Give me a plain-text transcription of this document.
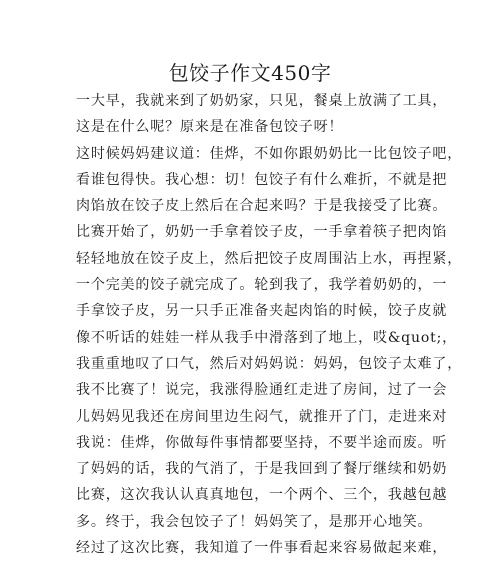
包饺子作文450字
一大早，我就来到了奶奶家，只见，餐桌上放满了工具，
这是在什么呢？原来是在准备包饺子呀！
这时候妈妈建议道：佳烨，不如你跟奶奶比一比包饺子吧，
看谁包得快。我心想：切！包饺子有什么难折，不就是把
肉馅放在饺子皮上然后在合起来吗？于是我接受了比赛。
比赛开始了，奶奶一手拿着饺子皮，一手拿着筷子把肉馅
轻轻地放在饺子皮上，然后把饺子皮周围沾上水，再捏紧，
一个完美的饺子就完成了。轮到我了，我学着奶奶的，一
手拿饺子皮，另一只手正准备夹起肉馅的时候，饺子皮就
像不听话的娃娃一样从我手中滑落到了地上，哎&quot;，
我重重地叹了口气，然后对妈妈说：妈妈，包饺子太难了，
我不比赛了！说完，我涨得脸通红走进了房间，过了一会
儿妈妈见我还在房间里边生闷气，就推开了门，走进来对
我说：佳烨，你做每件事情都要坚持，不要半途而废。听
了妈妈的话，我的气消了，于是我回到了餐厅继续和奶奶
比赛，这次我认认真真地包，一个两个、三个，我越包越
多。终于，我会包饺子了！妈妈笑了，是那开心地笑。
经过了这次比赛，我知道了一件事看起来容易做起来难，
